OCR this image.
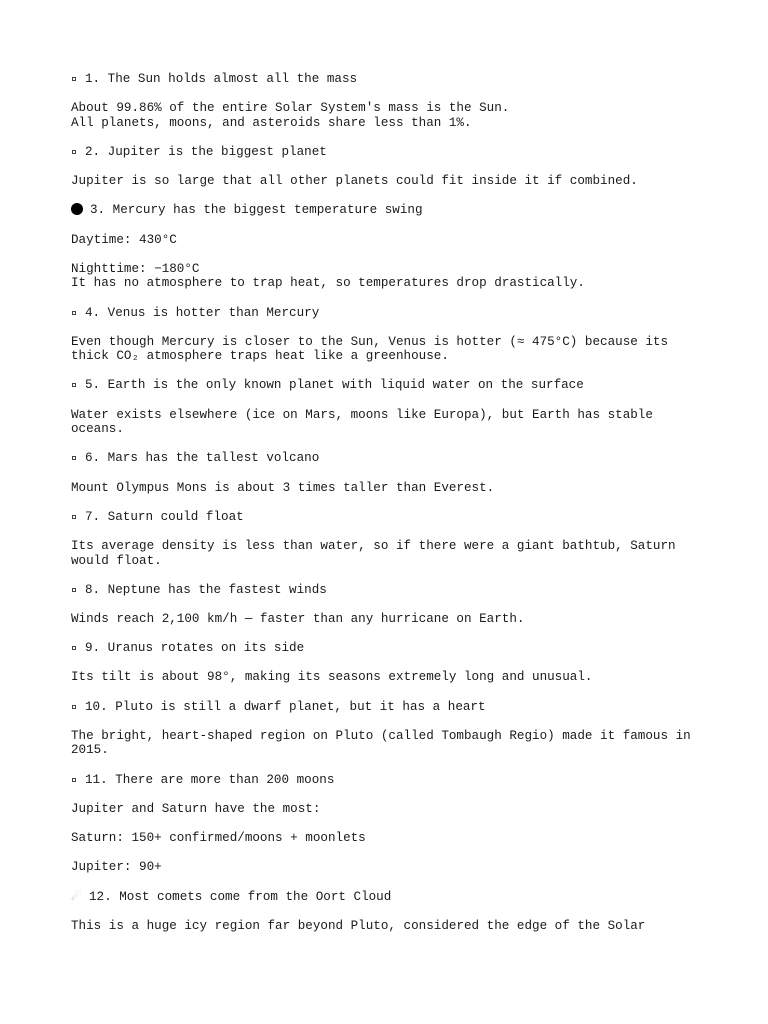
1. The Sun holds almost all the mass
About 99.86% of the entire Solar System's mass is the Sun.
All planets, moons, and asteroids share less than 1%.
2. Jupiter is the biggest planet
Jupiter is so large that all other planets could fit inside it if combined.
3. Mercury has the biggest temperature swing
Daytime: 430°C
Nighttime: −180°C
It has no atmosphere to trap heat, so temperatures drop drastically.
4. Venus is hotter than Mercury
Even though Mercury is closer to the Sun, Venus is hotter (≈ 475°C) because its
thick CO₂ atmosphere traps heat like a greenhouse.
5. Earth is the only known planet with liquid water on the surface
Water exists elsewhere (ice on Mars, moons like Europa), but Earth has stable
oceans.
6. Mars has the tallest volcano
Mount Olympus Mons is about 3 times taller than Everest.
7. Saturn could float
Its average density is less than water, so if there were a giant bathtub, Saturn
would float.
8. Neptune has the fastest winds
Winds reach 2,100 km/h — faster than any hurricane on Earth.
9. Uranus rotates on its side
Its tilt is about 98°, making its seasons extremely long and unusual.
10. Pluto is still a dwarf planet, but it has a heart
The bright, heart-shaped region on Pluto (called Tombaugh Regio) made it famous in
2015.
11. There are more than 200 moons
Jupiter and Saturn have the most:
Saturn: 150+ confirmed/moons + moonlets
Jupiter: 90+
☄ 12. Most comets come from the Oort Cloud
This is a huge icy region far beyond Pluto, considered the edge of the Solar
